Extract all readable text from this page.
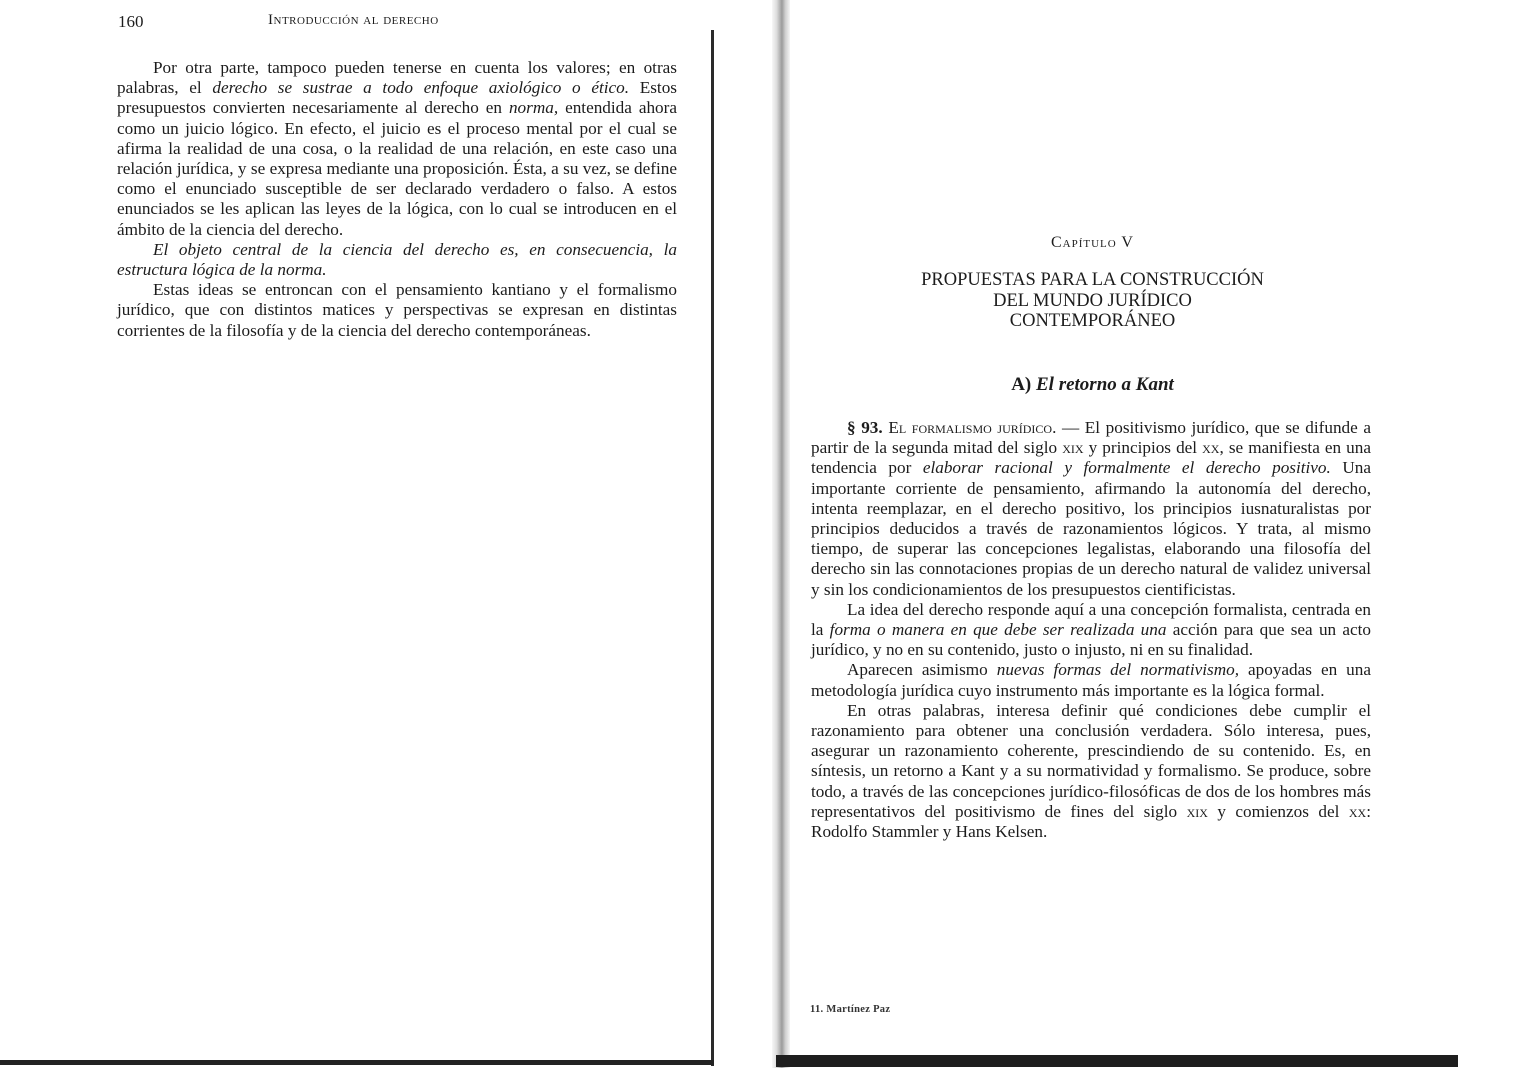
160	Introducción al derecho

Por otra parte, tampoco pueden tenerse en cuenta los valores; en otras palabras, el derecho se sustrae a todo enfoque axiológico o ético. Estos presupuestos convierten necesariamente al derecho en norma, entendida ahora como un juicio lógico. En efecto, el juicio es el proceso mental por el cual se afirma la realidad de una cosa, o la realidad de una relación, en este caso una relación jurídica, y se expresa mediante una proposición. Ésta, a su vez, se define como el enunciado susceptible de ser declarado verdadero o falso. A estos enunciados se les aplican las leyes de la lógica, con lo cual se introducen en el ámbito de la ciencia del derecho.

El objeto central de la ciencia del derecho es, en consecuencia, la estructura lógica de la norma.

Estas ideas se entroncan con el pensamiento kantiano y el formalismo jurídico, que con distintos matices y perspectivas se expresan en distintas corrientes de la filosofía y de la ciencia del derecho contemporáneas.

Capítulo V
PROPUESTAS PARA LA CONSTRUCCIÓN
DEL MUNDO JURÍDICO
CONTEMPORÁNEO
A) El retorno a Kant

§ 93. El formalismo jurídico. — El positivismo jurídico, que se difunde a partir de la segunda mitad del siglo xix y principios del xx, se manifiesta en una tendencia por elaborar racional y formalmente el derecho positivo. Una importante corriente de pensamiento, afirmando la autonomía del derecho, intenta reemplazar, en el derecho positivo, los principios iusnaturalistas por principios deducidos a través de razonamientos lógicos. Y trata, al mismo tiempo, de superar las concepciones legalistas, elaborando una filosofía del derecho sin las connotaciones propias de un derecho natural de validez universal y sin los condicionamientos de los presupuestos cientificistas.

La idea del derecho responde aquí a una concepción formalista, centrada en la forma o manera en que debe ser realizada una acción para que sea un acto jurídico, y no en su contenido, justo o injusto, ni en su finalidad.

Aparecen asimismo nuevas formas del normativismo, apoyadas en una metodología jurídica cuyo instrumento más importante es la lógica formal.

En otras palabras, interesa definir qué condiciones debe cumplir el razonamiento para obtener una conclusión verdadera. Sólo interesa, pues, asegurar un razonamiento coherente, prescindiendo de su contenido. Es, en síntesis, un retorno a Kant y a su normatividad y formalismo. Se produce, sobre todo, a través de las concepciones jurídico-filosóficas de dos de los hombres más representativos del positivismo de fines del siglo xix y comienzos del xx: Rodolfo Stammler y Hans Kelsen.

11. Martínez Paz
